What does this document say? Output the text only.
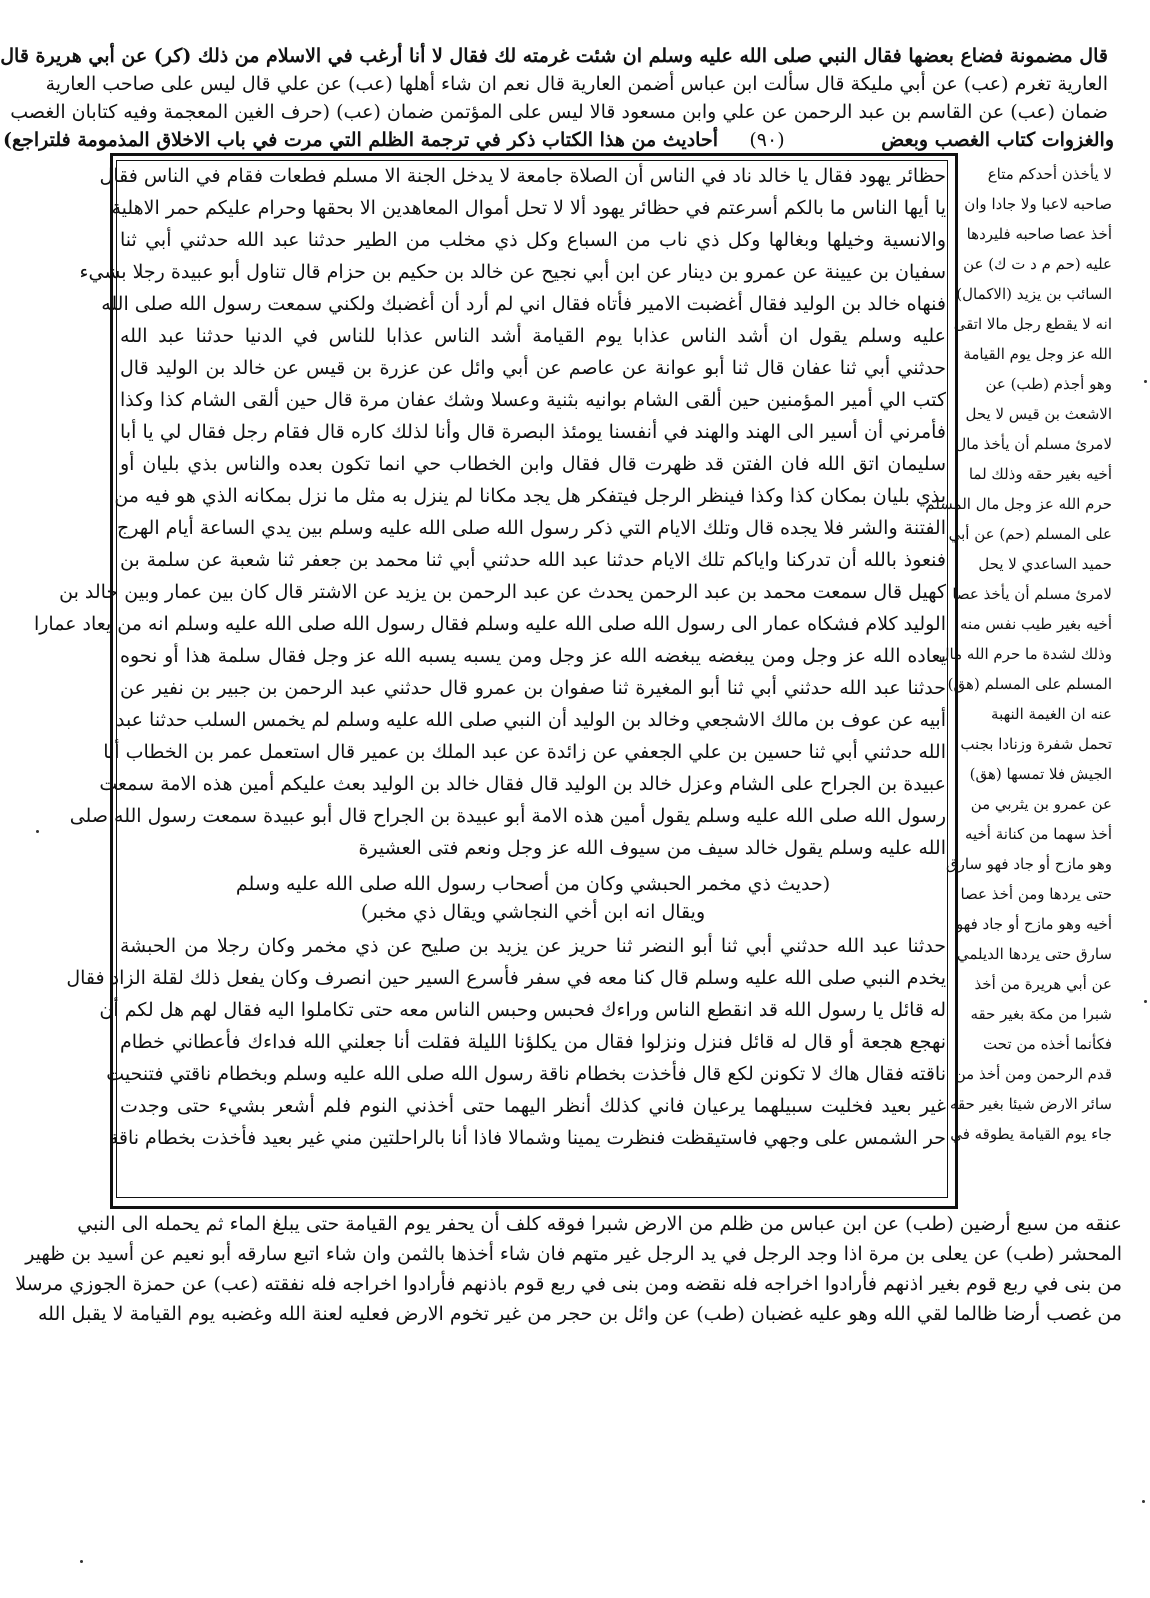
قال مضمونة فضاع بعضها فقال النبي صلى الله عليه وسلم ان شئت غرمته لك فقال لا أنا أرغب في الاسلام من ذلك (كر) عن أبي هريرة قال
العارية تغرم (عب) عن أبي مليكة قال سألت ابن عباس أضمن العارية قال نعم ان شاء أهلها (عب) عن علي قال ليس على صاحب العارية
ضمان (عب) عن القاسم بن عبد الرحمن عن علي وابن مسعود قالا ليس على المؤتمن ضمان (عب) (حرف الغين المعجمة وفيه كتابان الغصب
والغزوات كتاب الغصب وبعض
(٩٠)
أحاديث من هذا الكتاب ذكر في ترجمة الظلم التي مرت في باب الاخلاق المذمومة فلتراجع)
حظائر يهود فقال يا خالد ناد في الناس أن الصلاة جامعة لا يدخل الجنة الا مسلم فطعات فقام في الناس فقال
يا أيها الناس ما بالكم أسرعتم في حظائر يهود ألا لا تحل أموال المعاهدين الا بحقها وحرام عليكم حمر الاهلية
والانسية وخيلها وبغالها وكل ذي ناب من السباع وكل ذي مخلب من الطير حدثنا عبد الله حدثني أبي ثنا
سفيان بن عيينة عن عمرو بن دينار عن ابن أبي نجيح عن خالد بن حكيم بن حزام قال تناول أبو عبيدة رجلا بشيء
فنهاه خالد بن الوليد فقال أغضبت الامير فأتاه فقال اني لم أرد أن أغضبك ولكني سمعت رسول الله صلى الله
عليه وسلم يقول ان أشد الناس عذابا يوم القيامة أشد الناس عذابا للناس في الدنيا حدثنا عبد الله
حدثني أبي ثنا عفان قال ثنا أبو عوانة عن عاصم عن أبي وائل عن عزرة بن قيس عن خالد بن الوليد قال
كتب الي أمير المؤمنين حين ألقى الشام بوانيه بثنية وعسلا وشك عفان مرة قال حين ألقى الشام كذا وكذا
فأمرني أن أسير الى الهند والهند في أنفسنا يومئذ البصرة قال وأنا لذلك كاره قال فقام رجل فقال لي يا أبا
سليمان اتق الله فان الفتن قد ظهرت قال فقال وابن الخطاب حي انما تكون بعده والناس بذي بليان أو
بذي بليان بمكان كذا وكذا فينظر الرجل فيتفكر هل يجد مكانا لم ينزل به مثل ما نزل بمكانه الذي هو فيه من
الفتنة والشر فلا يجده قال وتلك الايام التي ذكر رسول الله صلى الله عليه وسلم بين يدي الساعة أيام الهرج
فنعوذ بالله أن تدركنا واياكم تلك الايام حدثنا عبد الله حدثني أبي ثنا محمد بن جعفر ثنا شعبة عن سلمة بن
كهيل قال سمعت محمد بن عبد الرحمن يحدث عن عبد الرحمن بن يزيد عن الاشتر قال كان بين عمار وبين خالد بن
الوليد كلام فشكاه عمار الى رسول الله صلى الله عليه وسلم فقال رسول الله صلى الله عليه وسلم انه من يعاد عمارا
يعاده الله عز وجل ومن يبغضه يبغضه الله عز وجل ومن يسبه يسبه الله عز وجل فقال سلمة هذا أو نحوه
حدثنا عبد الله حدثني أبي ثنا أبو المغيرة ثنا صفوان بن عمرو قال حدثني عبد الرحمن بن جبير بن نفير عن
أبيه عن عوف بن مالك الاشجعي وخالد بن الوليد أن النبي صلى الله عليه وسلم لم يخمس السلب حدثنا عبد
الله حدثني أبي ثنا حسين بن علي الجعفي عن زائدة عن عبد الملك بن عمير قال استعمل عمر بن الخطاب أبا
عبيدة بن الجراح على الشام وعزل خالد بن الوليد قال فقال خالد بن الوليد بعث عليكم أمين هذه الامة سمعت
رسول الله صلى الله عليه وسلم يقول أمين هذه الامة أبو عبيدة بن الجراح قال أبو عبيدة سمعت رسول الله صلى
الله عليه وسلم يقول خالد سيف من سيوف الله عز وجل ونعم فتى العشيرة
(حديث ذي مخمر الحبشي وكان من أصحاب رسول الله صلى الله عليه وسلم
ويقال انه ابن أخي النجاشي ويقال ذي مخبر)
حدثنا عبد الله حدثني أبي ثنا أبو النضر ثنا حريز عن يزيد بن صليح عن ذي مخمر وكان رجلا من الحبشة
يخدم النبي صلى الله عليه وسلم قال كنا معه في سفر فأسرع السير حين انصرف وكان يفعل ذلك لقلة الزاد فقال
له قائل يا رسول الله قد انقطع الناس وراءك فحبس وحبس الناس معه حتى تكاملوا اليه فقال لهم هل لكم أن
نهجع هجعة أو قال له قائل فنزل ونزلوا فقال من يكلؤنا الليلة فقلت أنا جعلني الله فداءك فأعطاني خطام
ناقته فقال هاك لا تكونن لكع قال فأخذت بخطام ناقة رسول الله صلى الله عليه وسلم وبخطام ناقتي فتنحيت
غير بعيد فخليت سبيلهما يرعيان فاني كذلك أنظر اليهما حتى أخذني النوم فلم أشعر بشيء حتى وجدت
حر الشمس على وجهي فاستيقظت فنظرت يمينا وشمالا فاذا أنا بالراحلتين مني غير بعيد فأخذت بخطام ناقة
لا يأخذن أحدكم متاع
صاحبه لاعبا ولا جادا وان
أخذ عصا صاحبه فليردها
عليه (حم م د ت ك) عن
السائب بن يزيد (الاكمال)
انه لا يقطع رجل مالا اتقى
الله عز وجل يوم القيامة
وهو أجذم (طب) عن
الاشعث بن قيس لا يحل
لامرئ مسلم أن يأخذ مال
أخيه بغير حقه وذلك لما
حرم الله عز وجل مال المسلم
على المسلم (حم) عن أبي
حميد الساعدي لا يحل
لامرئ مسلم أن يأخذ عصا
أخيه بغير طيب نفس منه
وذلك لشدة ما حرم الله مال
المسلم على المسلم (هق)
عنه ان الغيمة النهبة
تحمل شفرة وزنادا بجنب
الجيش فلا تمسها (هق)
عن عمرو بن يثربي من
أخذ سهما من كنانة أخيه
وهو مازح أو جاد فهو سارق
حتى يردها ومن أخذ عصا
أخيه وهو مازح أو جاد فهو
سارق حتى يردها الديلمي
عن أبي هريرة من أخذ
شبرا من مكة بغير حقه
فكأنما أخذه من تحت
قدم الرحمن ومن أخذ من
سائر الارض شيئا بغير حقه
جاء يوم القيامة يطوقه في
عنقه من سبع أرضين (طب) عن ابن عباس من ظلم من الارض شبرا فوقه كلف أن يحفر يوم القيامة حتى يبلغ الماء ثم يحمله الى النبي
المحشر (طب) عن يعلى بن مرة اذا وجد الرجل في يد الرجل غير متهم فان شاء أخذها بالثمن وان شاء اتبع سارقه أبو نعيم عن أسيد بن ظهير
من بنى في ربع قوم بغير اذنهم فأرادوا اخراجه فله نقضه ومن بنى في ربع قوم باذنهم فأرادوا اخراجه فله نفقته (عب) عن حمزة الجوزي مرسلا
من غصب أرضا ظالما لقي الله وهو عليه غضبان (طب) عن وائل بن حجر من غير تخوم الارض فعليه لعنة الله وغضبه يوم القيامة لا يقبل الله
